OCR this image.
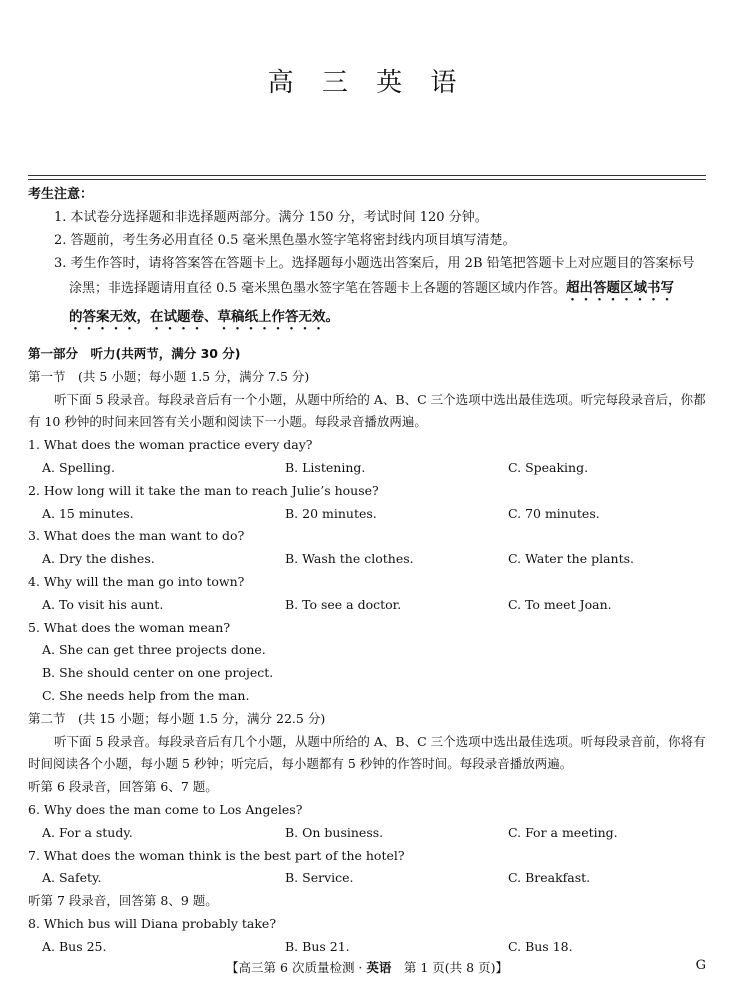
高 三 英 语
考生注意：
1. 本试卷分选择题和非选择题两部分。满分 150 分，考试时间 120 分钟。
2. 答题前，考生务必用直径 0.5 毫米黑色墨水签字笔将密封线内项目填写清楚。
3. 考生作答时，请将答案答在答题卡上。选择题每小题选出答案后，用 2B 铅笔把答题卡上对应题目的答案标号
涂黑；非选择题请用直径 0.5 毫米黑色墨水签字笔在答题卡上各题的答题区域内作答。超出答题区域书写
的答案无效，在试题卷、草稿纸上作答无效。
第一部分　听力(共两节，满分 30 分)
第一节　(共 5 小题；每小题 1.5 分，满分 7.5 分)
听下面 5 段录音。每段录音后有一个小题，从题中所给的 A、B、C 三个选项中选出最佳选项。听完每段录音后，你都有 10 秒钟的时间来回答有关小题和阅读下一小题。每段录音播放两遍。
1. What does the woman practice every day?
A. Spelling.	B. Listening.	C. Speaking.
2. How long will it take the man to reach Julie’s house?
A. 15 minutes.	B. 20 minutes.	C. 70 minutes.
3. What does the man want to do?
A. Dry the dishes.	B. Wash the clothes.	C. Water the plants.
4. Why will the man go into town?
A. To visit his aunt.	B. To see a doctor.	C. To meet Joan.
5. What does the woman mean?
A. She can get three projects done.
B. She should center on one project.
C. She needs help from the man.
第二节　(共 15 小题；每小题 1.5 分，满分 22.5 分)
听下面 5 段录音。每段录音后有几个小题，从题中所给的 A、B、C 三个选项中选出最佳选项。听每段录音前，你将有时间阅读各个小题，每小题 5 秒钟；听完后，每小题都有 5 秒钟的作答时间。每段录音播放两遍。
听第 6 段录音，回答第 6、7 题。
6. Why does the man come to Los Angeles?
A. For a study.	B. On business.	C. For a meeting.
7. What does the woman think is the best part of the hotel?
A. Safety.	B. Service.	C. Breakfast.
听第 7 段录音，回答第 8、9 题。
8. Which bus will Diana probably take?
A. Bus 25.	B. Bus 21.	C. Bus 18.
【高三第 6 次质量检测 · 英语　第 1 页(共 8 页)】	G
